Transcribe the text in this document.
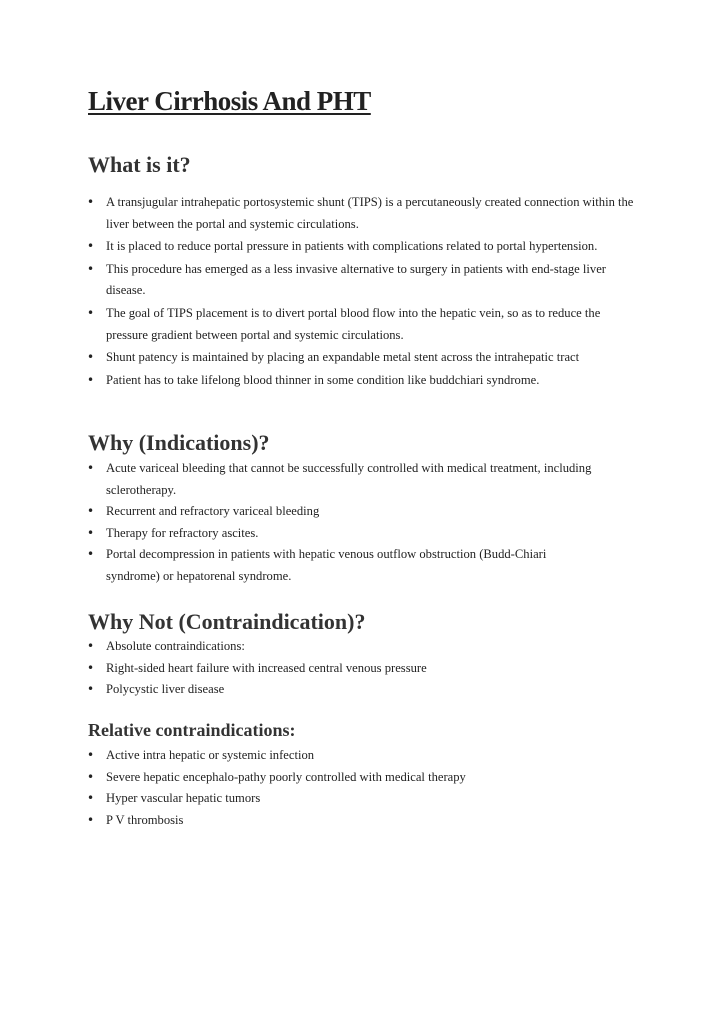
Liver Cirrhosis And PHT
What is it?
• A transjugular intrahepatic portosystemic shunt (TIPS) is a percutaneously created connection within the liver between the portal and systemic circulations.
• It is placed to reduce portal pressure in patients with complications related to portal hypertension.
• This procedure has emerged as a less invasive alternative to surgery in patients with end-stage liver disease.
• The goal of TIPS placement is to divert portal blood flow into the hepatic vein, so as to reduce the pressure gradient between portal and systemic circulations.
• Shunt patency is maintained by placing an expandable metal stent across the intrahepatic tract
• Patient has to take lifelong blood thinner in some condition like buddchiari syndrome.
Why (Indications)?
• Acute variceal bleeding that cannot be successfully controlled with medical treatment, including sclerotherapy.
• Recurrent and refractory variceal bleeding
• Therapy for refractory ascites.
• Portal decompression in patients with hepatic venous outflow obstruction (Budd-Chiari syndrome) or hepatorenal syndrome.
Why Not (Contraindication)?
• Absolute contraindications:
• Right-sided heart failure with increased central venous pressure
• Polycystic liver disease
Relative contraindications:
• Active intra hepatic or systemic infection
• Severe hepatic encephalo-pathy poorly controlled with medical therapy
• Hyper vascular hepatic tumors
• P V thrombosis
